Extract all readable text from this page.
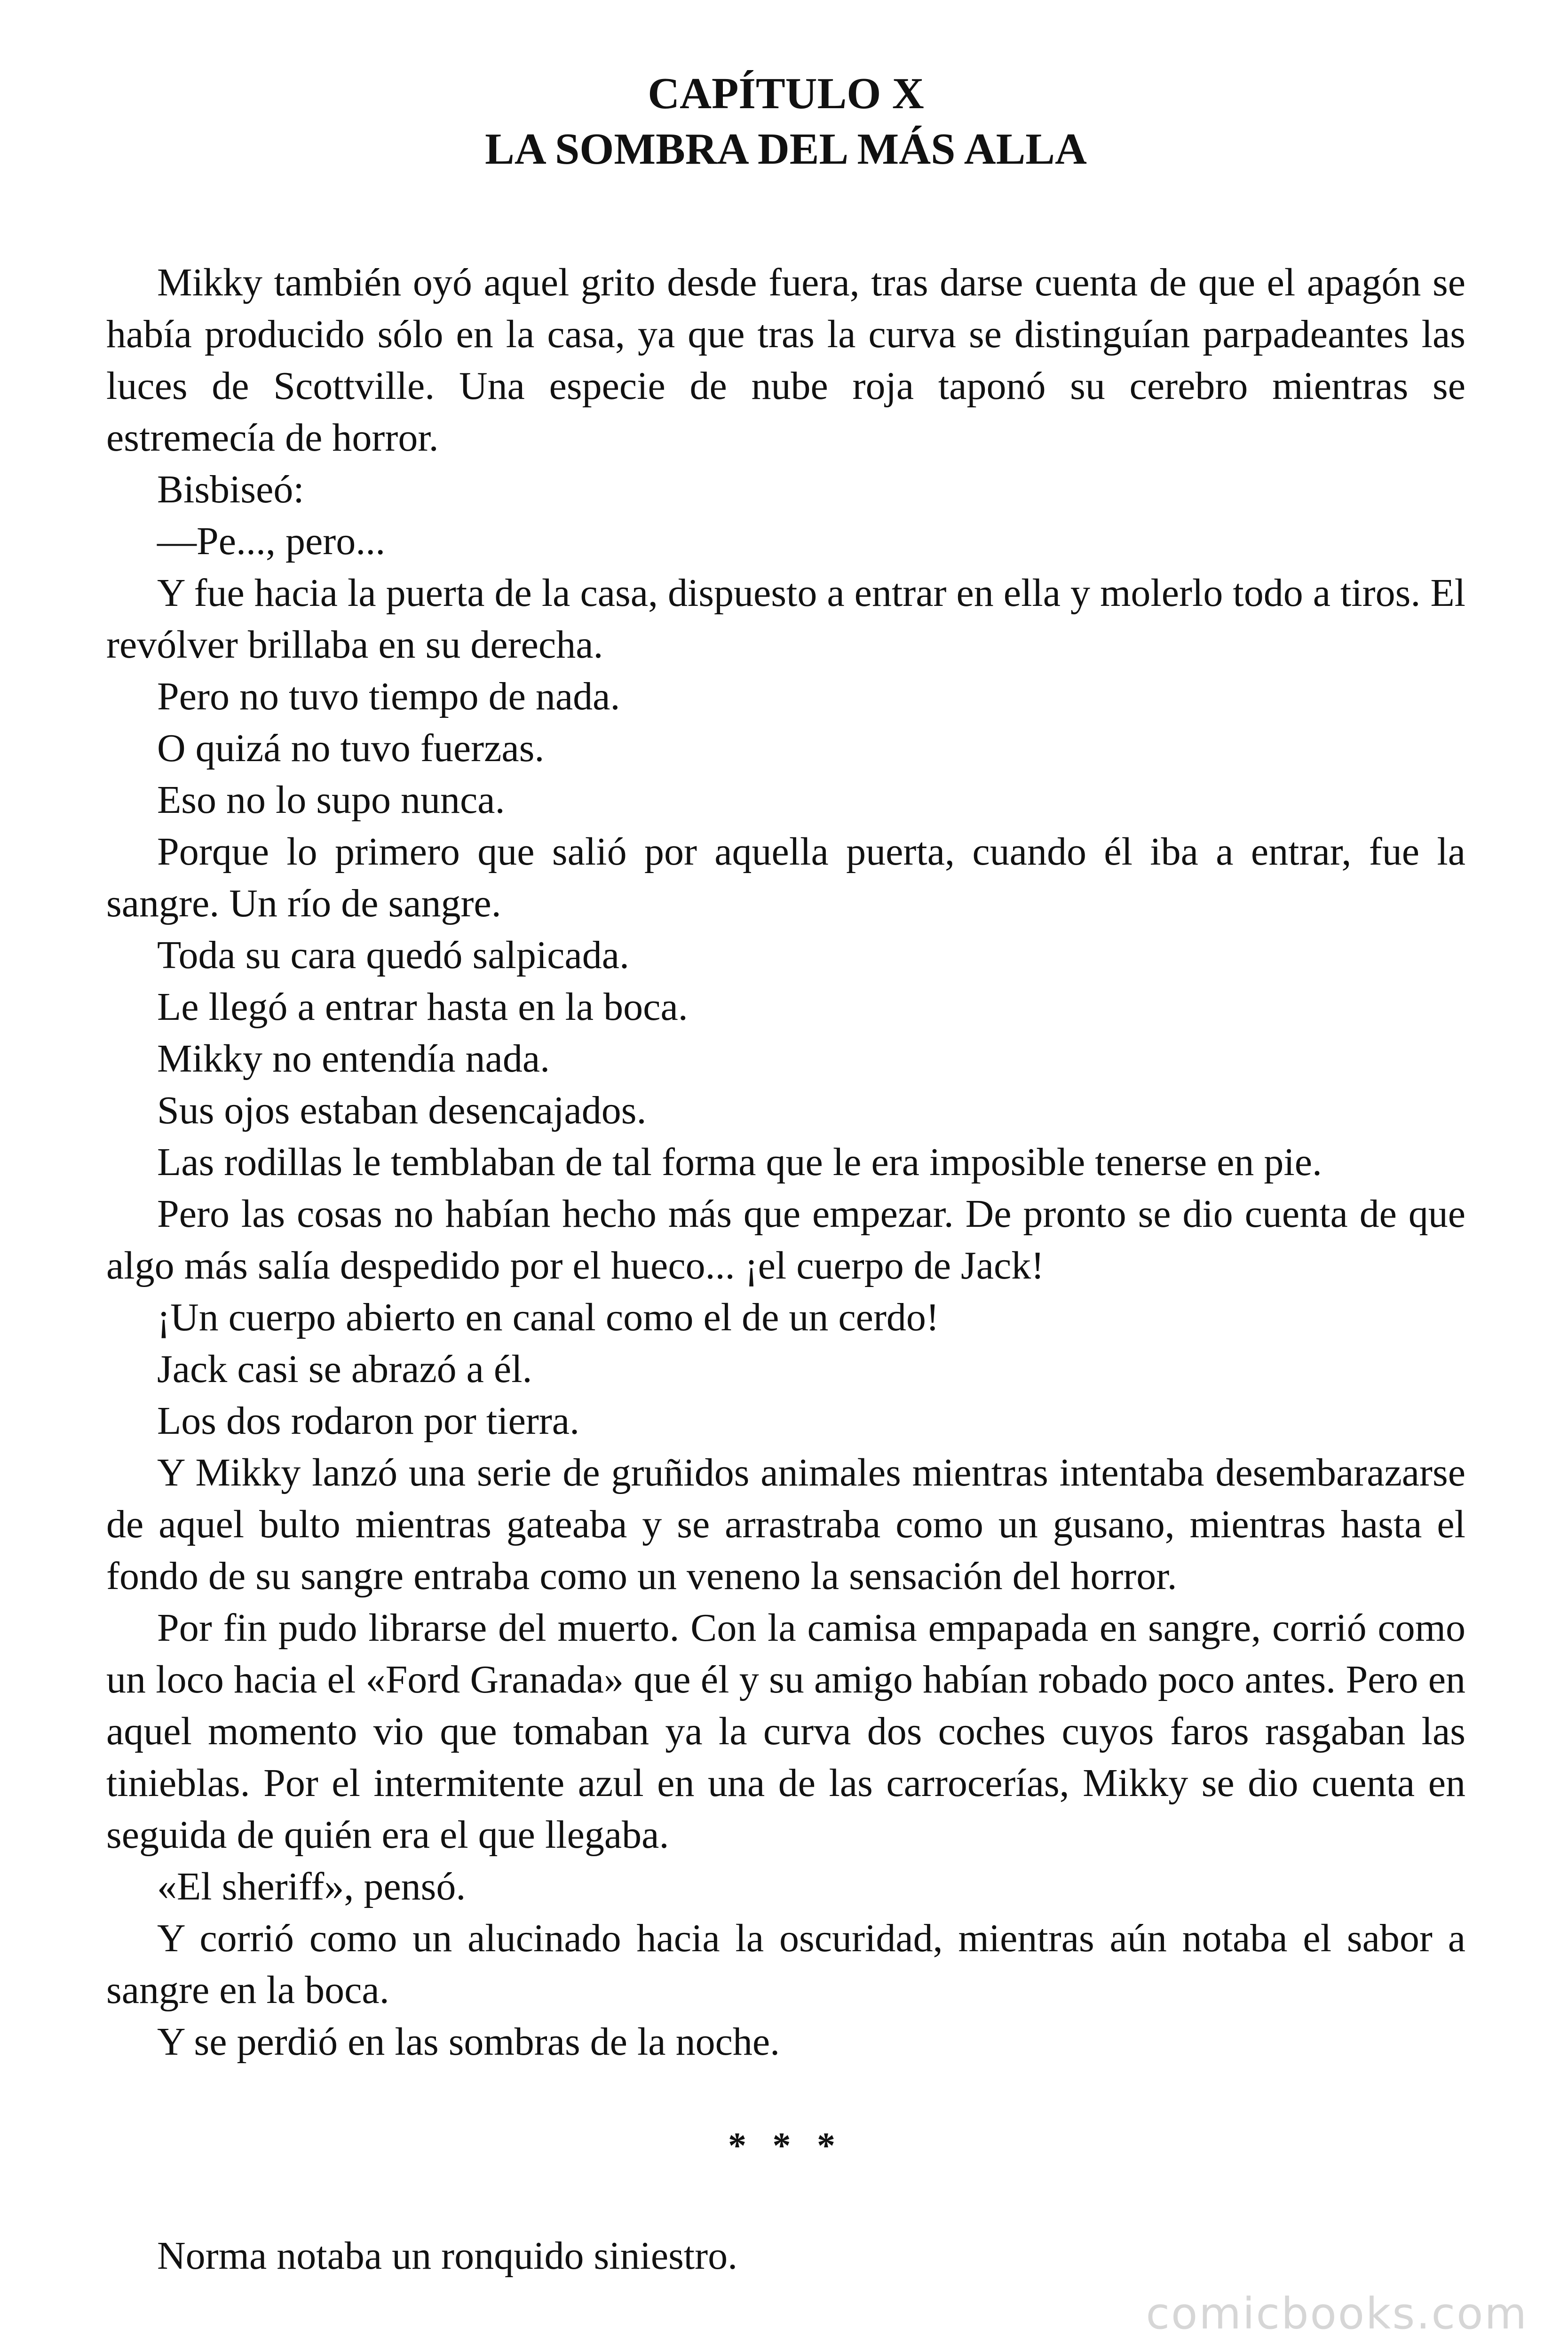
CAPÍTULO X
LA SOMBRA DEL MÁS ALLA

Mikky también oyó aquel grito desde fuera, tras darse cuenta de que el apagón se había producido sólo en la casa, ya que tras la curva se distinguían parpadeantes las luces de Scottville. Una especie de nube roja taponó su cerebro mientras se estremecía de horror.

Bisbiseó:

—Pe..., pero...

Y fue hacia la puerta de la casa, dispuesto a entrar en ella y molerlo todo a tiros. El revólver brillaba en su derecha.

Pero no tuvo tiempo de nada.

O quizá no tuvo fuerzas.

Eso no lo supo nunca.

Porque lo primero que salió por aquella puerta, cuando él iba a entrar, fue la sangre. Un río de sangre.

Toda su cara quedó salpicada.

Le llegó a entrar hasta en la boca.

Mikky no entendía nada.

Sus ojos estaban desencajados.

Las rodillas le temblaban de tal forma que le era imposible tenerse en pie.

Pero las cosas no habían hecho más que empezar. De pronto se dio cuenta de que algo más salía despedido por el hueco... ¡el cuerpo de Jack!

¡Un cuerpo abierto en canal como el de un cerdo!

Jack casi se abrazó a él.

Los dos rodaron por tierra.

Y Mikky lanzó una serie de gruñidos animales mientras intentaba desembarazarse de aquel bulto mientras gateaba y se arrastraba como un gusano, mientras hasta el fondo de su sangre entraba como un veneno la sensación del horror.

Por fin pudo librarse del muerto. Con la camisa empapada en sangre, corrió como un loco hacia el «Ford Granada» que él y su amigo habían robado poco antes. Pero en aquel momento vio que tomaban ya la curva dos coches cuyos faros rasgaban las tinieblas. Por el intermitente azul en una de las carrocerías, Mikky se dio cuenta en seguida de quién era el que llegaba.

«El sheriff», pensó.

Y corrió como un alucinado hacia la oscuridad, mientras aún notaba el sabor a sangre en la boca.

Y se perdió en las sombras de la noche.

* * *

Norma notaba un ronquido siniestro.

comicbooks.com
